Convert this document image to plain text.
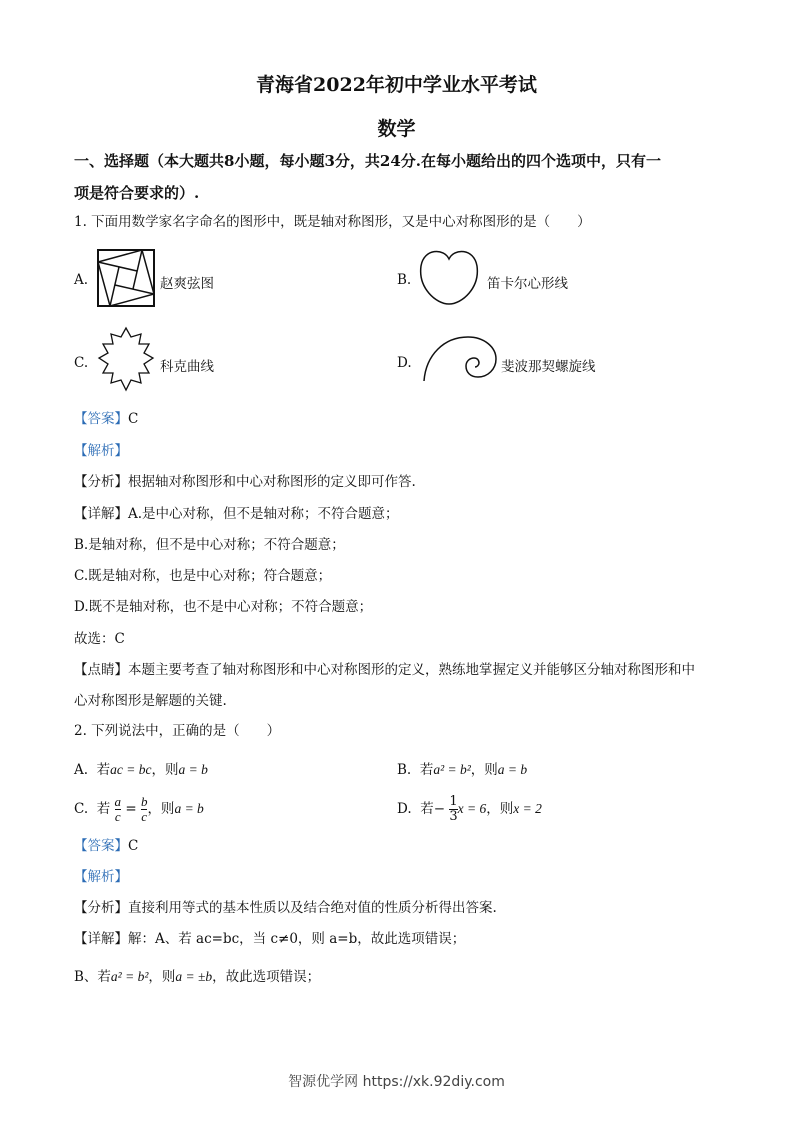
青海省2022年初中学业水平考试
数学
一、选择题（本大题共8小题，每小题3分，共24分.在每小题给出的四个选项中，只有一
项是符合要求的）.
1. 下面用数学家名字命名的图形中，既是轴对称图形，又是中心对称图形的是（　　）
A.	赵爽弦图	B.	笛卡尔心形线
C.	科克曲线	D.	斐波那契螺旋线
【答案】C
【解析】
【分析】根据轴对称图形和中心对称图形的定义即可作答.
【详解】A.是中心对称，但不是轴对称；不符合题意；
B.是轴对称，但不是中心对称；不符合题意；
C.既是轴对称，也是中心对称；符合题意；
D.既不是轴对称，也不是中心对称；不符合题意；
故选：C
【点睛】本题主要考查了轴对称图形和中心对称图形的定义，熟练地掌握定义并能够区分轴对称图形和中
心对称图形是解题的关键.
2. 下列说法中，正确的是（　　）
A. 若ac = bc，则a = b	B. 若a² = b²，则a = b
C. 若 $\frac{a}{c} = \frac{b}{c}$ ，则a = b	D. 若− $\frac{1}{3}$ x = 6，则x = 2
【答案】C
【解析】
【分析】直接利用等式的基本性质以及结合绝对值的性质分析得出答案.
【详解】解：A、若 ac=bc，当 c≠0，则 a=b，故此选项错误；
B、若a² = b²，则a = ±b，故此选项错误；
智源优学网 https://xk.92diy.com
